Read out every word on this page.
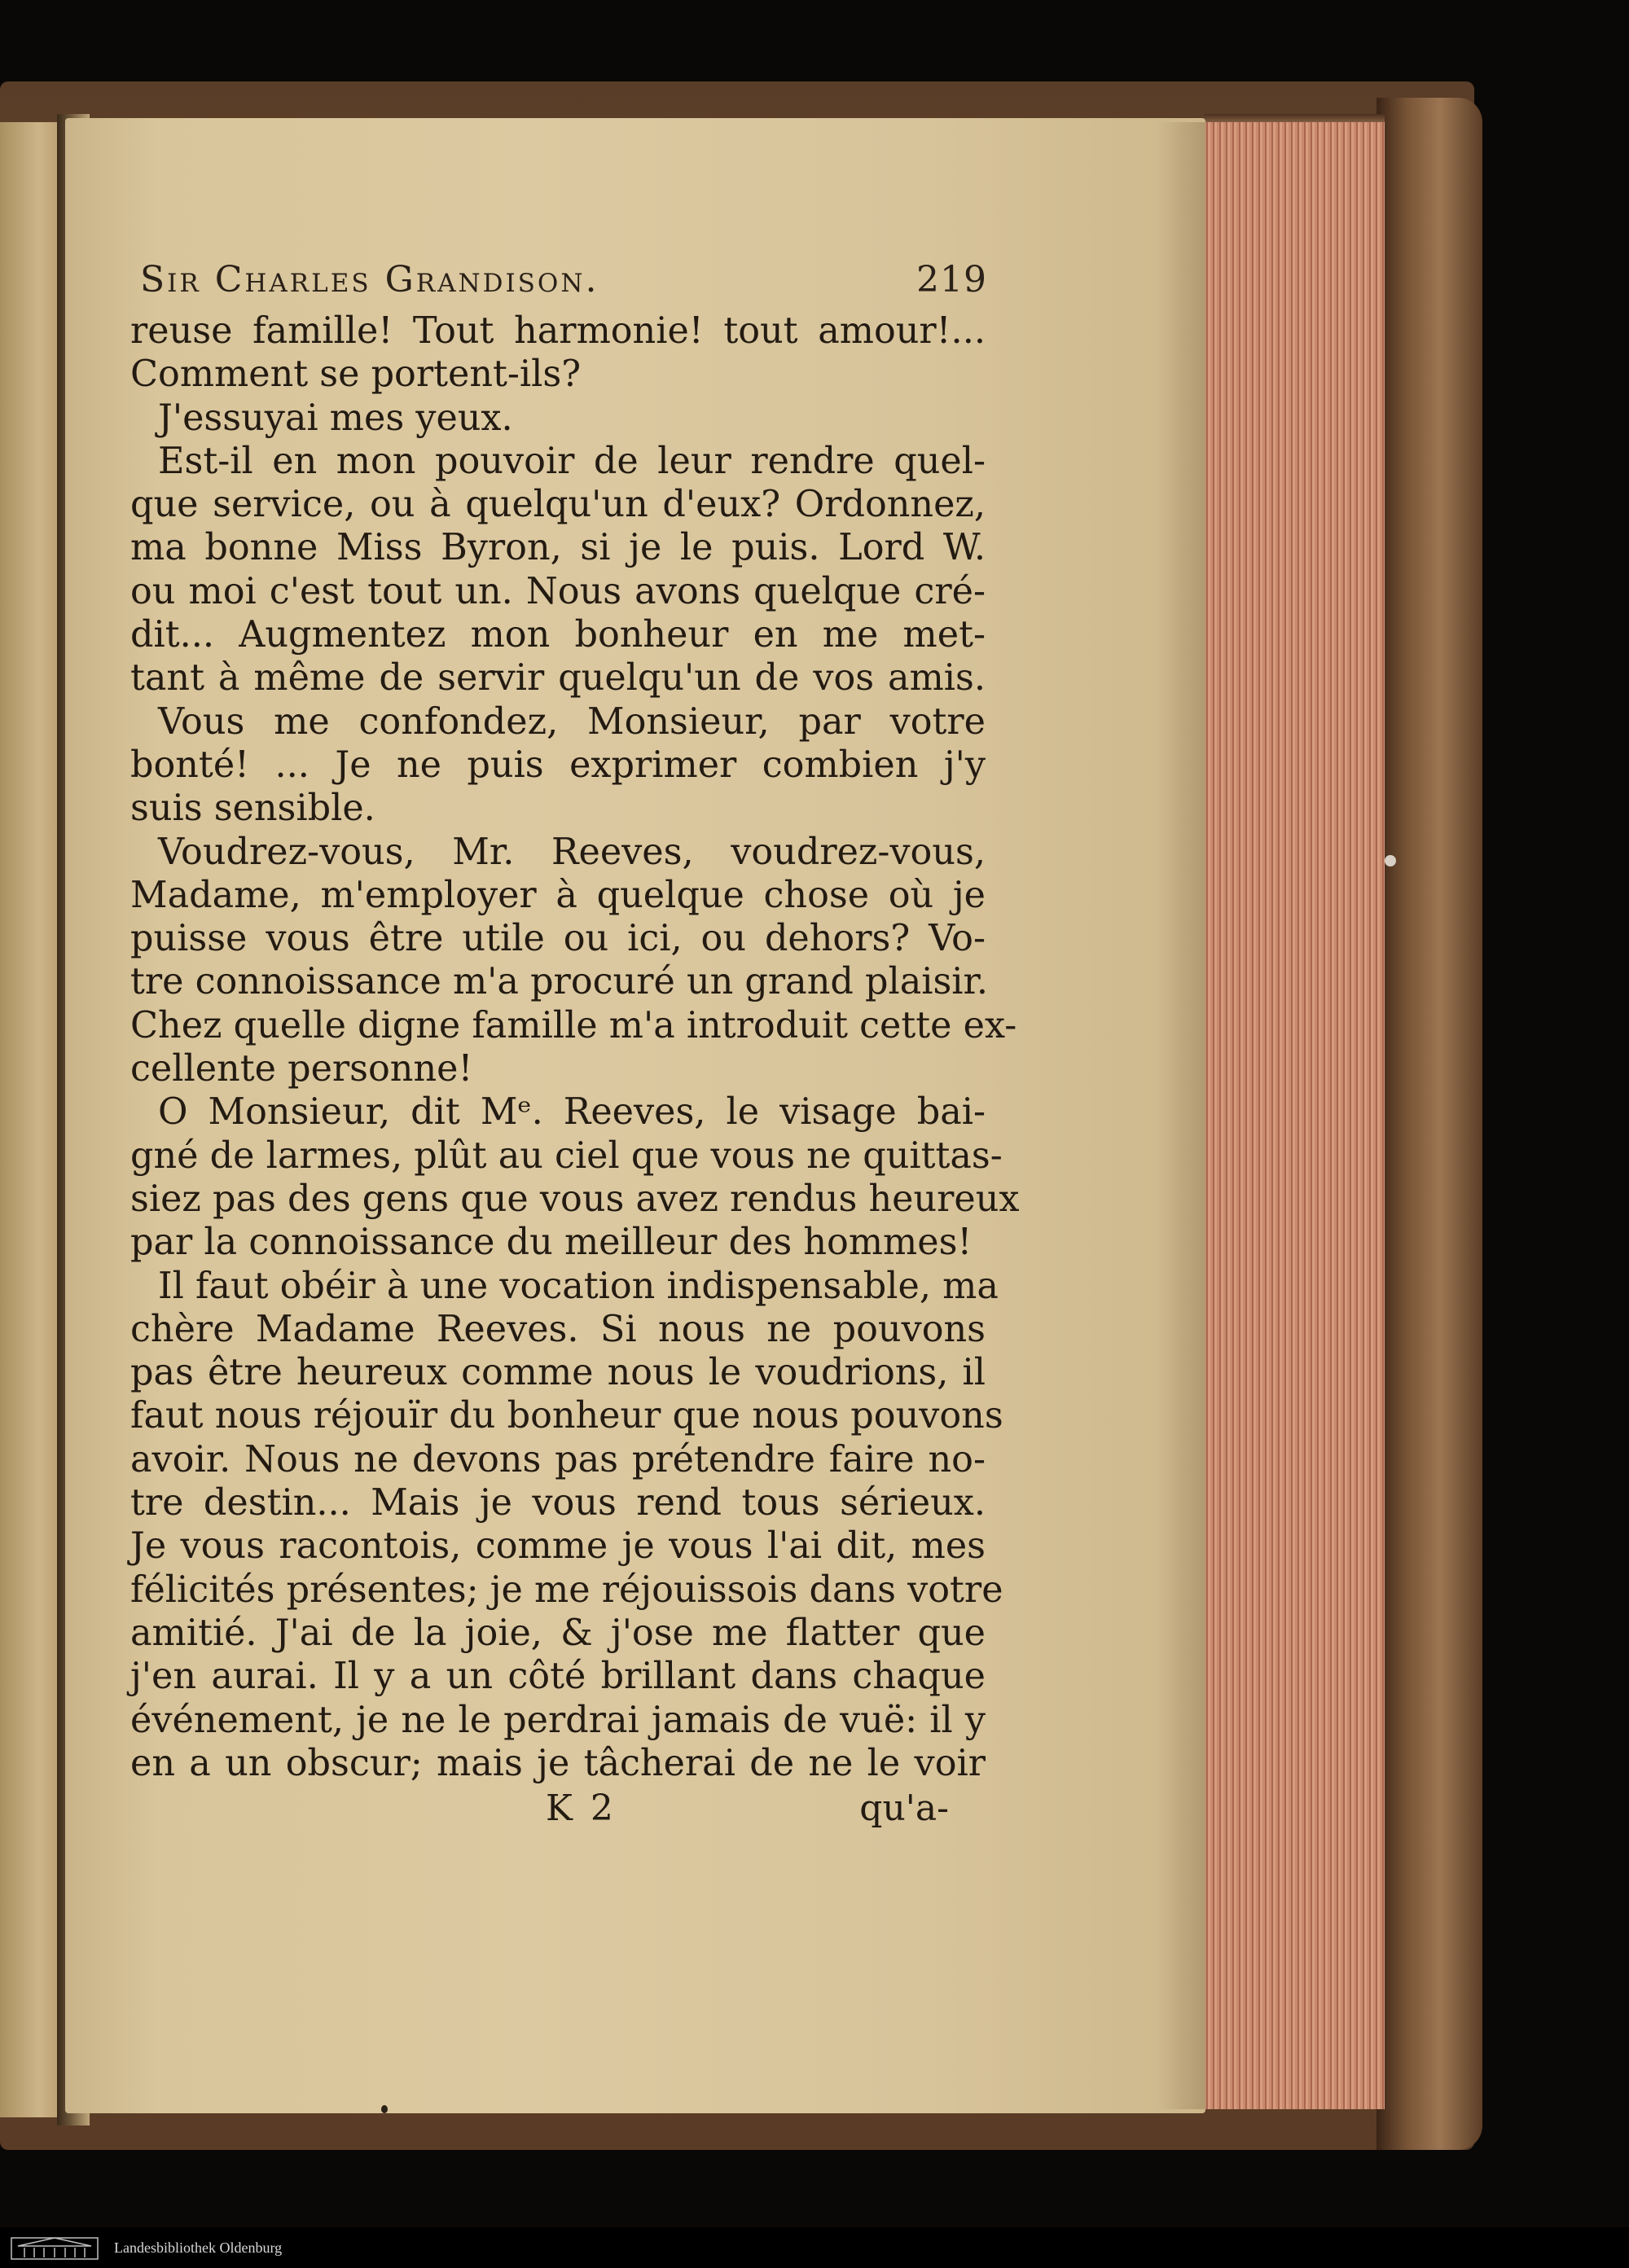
Sir Charles Grandison.	219
reuse famille! Tout harmonie! tout amour!...
Comment se portent-ils?
J'essuyai mes yeux.
Est-il en mon pouvoir de leur rendre quel-
que service, ou à quelqu'un d'eux? Ordonnez,
ma bonne Miss Byron, si je le puis. Lord W.
ou moi c'est tout un. Nous avons quelque cré-
dit... Augmentez mon bonheur en me met-
tant à même de servir quelqu'un de vos amis.
Vous me confondez, Monsieur, par votre
bonté! ... Je ne puis exprimer combien j'y
suis sensible.
Voudrez-vous, Mr. Reeves, voudrez-vous,
Madame, m'employer à quelque chose où je
puisse vous être utile ou ici, ou dehors? Vo-
tre connoissance m'a procuré un grand plaisir.
Chez quelle digne famille m'a introduit cette ex-
cellente personne!
O Monsieur, dit Mᵉ. Reeves, le visage bai-
gné de larmes, plût au ciel que vous ne quittas-
siez pas des gens que vous avez rendus heureux
par la connoissance du meilleur des hommes!
Il faut obéir à une vocation indispensable, ma
chère Madame Reeves. Si nous ne pouvons
pas être heureux comme nous le voudrions, il
faut nous réjouïr du bonheur que nous pouvons
avoir. Nous ne devons pas prétendre faire no-
tre destin... Mais je vous rend tous sérieux.
Je vous racontois, comme je vous l'ai dit, mes
félicités présentes; je me réjouissois dans votre
amitié. J'ai de la joie, & j'ose me flatter que
j'en aurai. Il y a un côté brillant dans chaque
événement, je ne le perdrai jamais de vuë: il y
en a un obscur; mais je tâcherai de ne le voir
K 2	qu'a-
Landesbibliothek Oldenburg
